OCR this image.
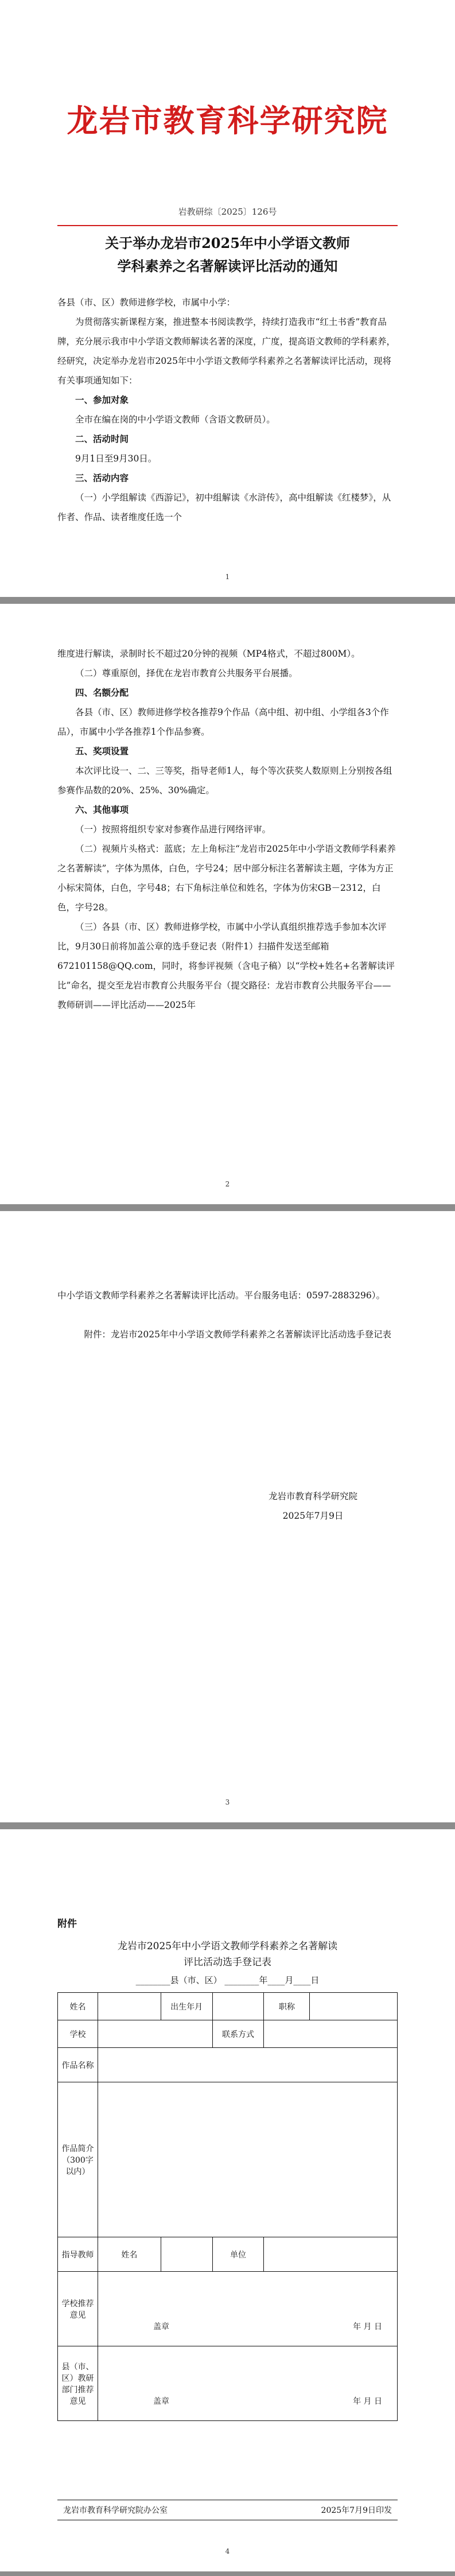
龙岩市教育科学研究院
岩教研综〔2025〕126号
关于举办龙岩市2025年中小学语文教师
学科素养之名著解读评比活动的通知

各县（市、区）教师进修学校，市属中小学：

为贯彻落实新课程方案，推进整本书阅读教学，持续打造我市“红土书香”教育品牌，充分展示我市中小学语文教师解读名著的深度，广度，提高语文教师的学科素养，经研究，决定举办龙岩市2025年中小学语文教师学科素养之名著解读评比活动，现将有关事项通知如下：

一、参加对象

全市在编在岗的中小学语文教师（含语文教研员）。

二、活动时间

9月1日至9月30日。

三、活动内容

（一）小学组解读《西游记》，初中组解读《水浒传》，高中组解读《红楼梦》，从作者、作品、读者维度任选一个

1

维度进行解读，录制时长不超过20分钟的视频（MP4格式，不超过800M）。

（二）尊重原创，择优在龙岩市教育公共服务平台展播。

四、名额分配

各县（市、区）教师进修学校各推荐9个作品（高中组、初中组、小学组各3个作品），市属中小学各推荐1个作品参赛。

五、奖项设置

本次评比设一、二、三等奖，指导老师1人，每个等次获奖人数原则上分别按各组参赛作品数的20%、25%、30%确定。

六、其他事项

（一）按照将组织专家对参赛作品进行网络评审。

（二）视频片头格式：蓝底；左上角标注“龙岩市2025年中小学语文教师学科素养之名著解读”，字体为黑体，白色，字号24；居中部分标注名著解读主题，字体为方正小标宋简体，白色，字号48；右下角标注单位和姓名，字体为仿宋GB－2312，白色，字号28。

（三）各县（市、区）教师进修学校，市属中小学认真组织推荐选手参加本次评比，9月30日前将加盖公章的选手登记表（附件1）扫描件发送至邮箱672101158@QQ.com，同时，将参评视频（含电子稿）以“学校+姓名+名著解读评比”命名，提交至龙岩市教育公共服务平台（提交路径：龙岩市教育公共服务平台——教师研训——评比活动——2025年

2

中小学语文教师学科素养之名著解读评比活动。平台服务电话：0597-2883296）。

附件：龙岩市2025年中小学语文教师学科素养之名著解读评比活动选手登记表

龙岩市教育科学研究院
2025年7月9日
3
附件
龙岩市2025年中小学语文教师学科素养之名著解读
评比活动选手登记表
________县（市、区） ________年____月____日
姓名		出生年月		职称	
学校			联系方式		
作品名称					
作品简介（300字以内）					
指导教师	姓名		单位		
学校推荐意见	盖章 年 月 日				

县（市、区）教研部门推荐意见	盖章 年 月 日				
龙岩市教育科学研究院办公室	2025年7月9日印发
4
